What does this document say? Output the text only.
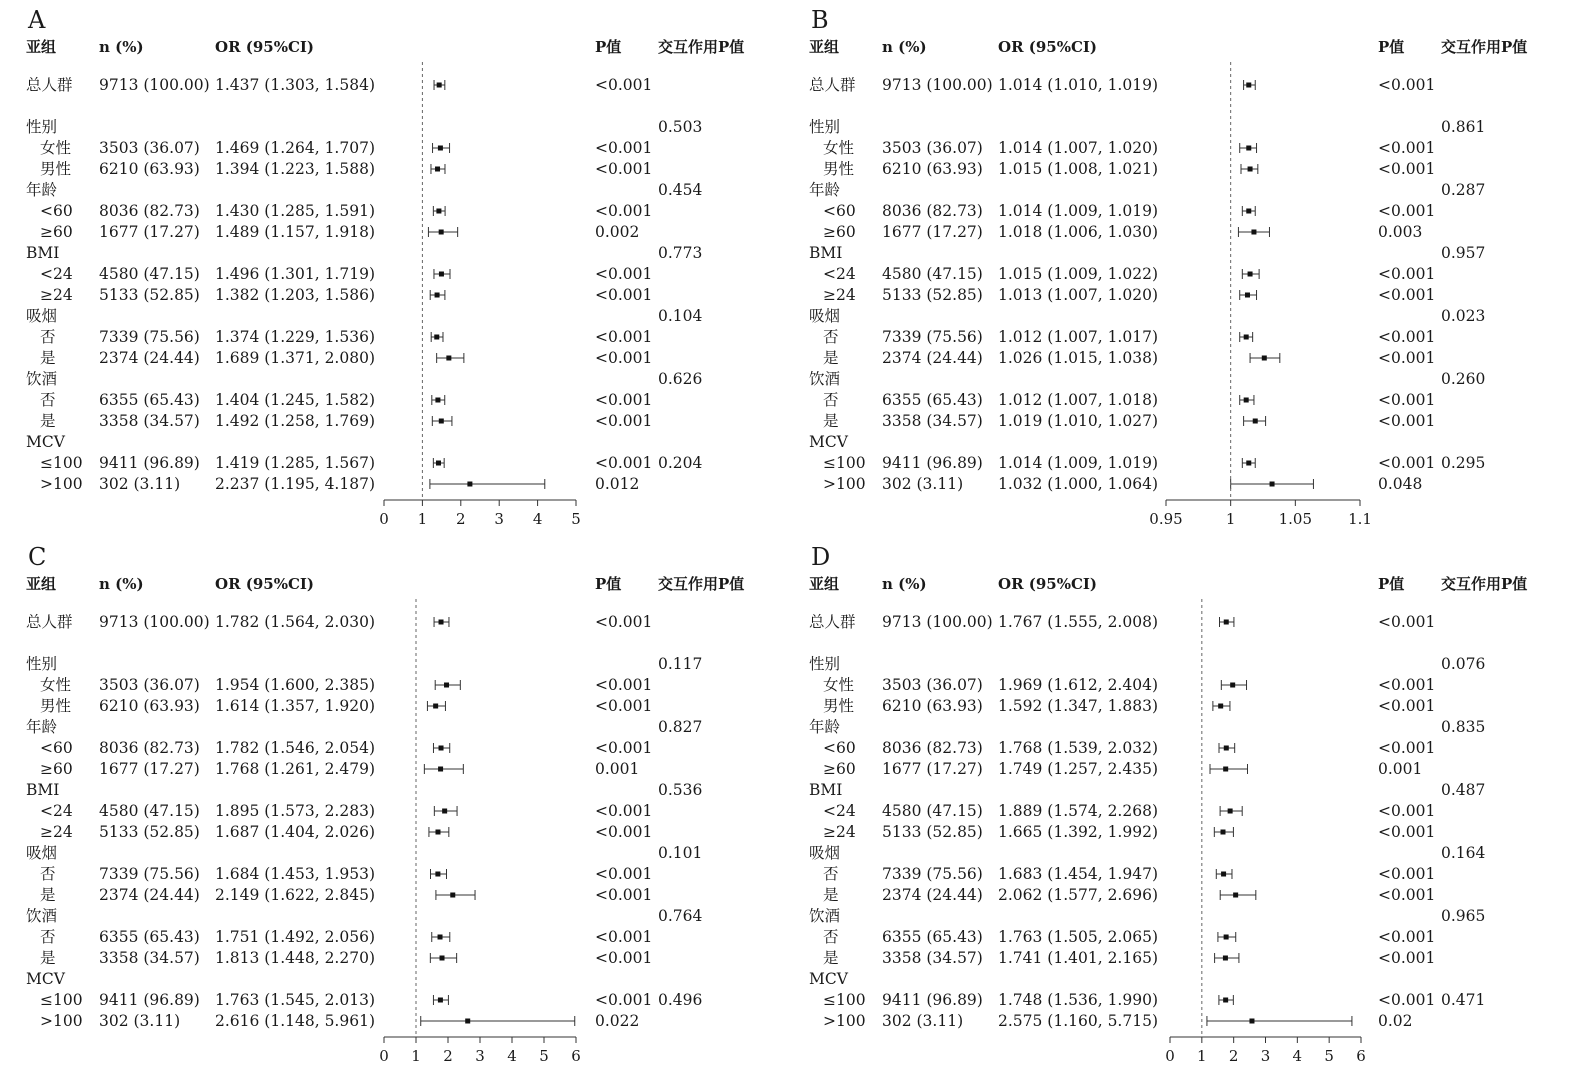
A
亚组	n (%)	OR (95%CI)	P值 交互作用P值
总人群 9713 (100.00) 1.437 (1.303, 1.584)	<0.001
性别	0.503
女性 3503 (36.07) 1.469 (1.264, 1.707)	<0.001
男性 6210 (63.93) 1.394 (1.223, 1.588)	<0.001
年龄	0.454
<60 8036 (82.73) 1.430 (1.285, 1.591)	<0.001
≥60 1677 (17.27) 1.489 (1.157, 1.918)	0.002
BMI	0.773
<24 4580 (47.15) 1.496 (1.301, 1.719)	<0.001
≥24 5133 (52.85) 1.382 (1.203, 1.586)	<0.001
吸烟	0.104
否	7339 (75.56) 1.374 (1.229, 1.536)	<0.001
是	2374 (24.44) 1.689 (1.371, 2.080)	<0.001
饮酒	0.626
否	6355 (65.43) 1.404 (1.245, 1.582)	<0.001
是	3358 (34.57) 1.492 (1.258, 1.769)	<0.001
MCV
≤100 9411 (96.89) 1.419 (1.285, 1.567)	<0.001 0.204
>100 302 (3.11) 2.237 (1.195, 4.187)	0.012
0 1 2 3 4 5
B
亚组	n (%)	OR (95%CI)	P值 交互作用P值
总人群 9713 (100.00) 1.014 (1.010, 1.019)	<0.001
性别	0.861
女性 3503 (36.07) 1.014 (1.007, 1.020)	<0.001
男性 6210 (63.93) 1.015 (1.008, 1.021)	<0.001
年龄	0.287
<60 8036 (82.73) 1.014 (1.009, 1.019)	<0.001
≥60 1677 (17.27) 1.018 (1.006, 1.030)	0.003
BMI	0.957
<24 4580 (47.15) 1.015 (1.009, 1.022)	<0.001
≥24 5133 (52.85) 1.013 (1.007, 1.020)	<0.001
吸烟	0.023
否	7339 (75.56) 1.012 (1.007, 1.017)	<0.001
是	2374 (24.44) 1.026 (1.015, 1.038)	<0.001
饮酒	0.260
否	6355 (65.43) 1.012 (1.007, 1.018)	<0.001
是	3358 (34.57) 1.019 (1.010, 1.027)	<0.001
MCV
≤100 9411 (96.89) 1.014 (1.009, 1.019)	<0.001 0.295
>100 302 (3.11) 1.032 (1.000, 1.064)	0.048
0.95	1	1.05 1.1
C
亚组	n (%)	OR (95%CI)	P值 交互作用P值
总人群 9713 (100.00) 1.782 (1.564, 2.030)	<0.001
性别	0.117
女性 3503 (36.07) 1.954 (1.600, 2.385)	<0.001
男性 6210 (63.93) 1.614 (1.357, 1.920)	<0.001
年龄	0.827
<60 8036 (82.73) 1.782 (1.546, 2.054)	<0.001
≥60 1677 (17.27) 1.768 (1.261, 2.479)	0.001
BMI	0.536
<24 4580 (47.15) 1.895 (1.573, 2.283)	<0.001
≥24 5133 (52.85) 1.687 (1.404, 2.026)	<0.001
吸烟	0.101
否	7339 (75.56) 1.684 (1.453, 1.953)	<0.001
是	2374 (24.44) 2.149 (1.622, 2.845)	<0.001
饮酒	0.764
否	6355 (65.43) 1.751 (1.492, 2.056)	<0.001
是	3358 (34.57) 1.813 (1.448, 2.270)	<0.001
MCV
≤100 9411 (96.89) 1.763 (1.545, 2.013)	<0.001 0.496
>100 302 (3.11) 2.616 (1.148, 5.961)	0.022
0 1 2 3 4 5 6
D
亚组	n (%)	OR (95%CI)	P值 交互作用P值
总人群 9713 (100.00) 1.767 (1.555, 2.008)	<0.001
性别	0.076
女性 3503 (36.07) 1.969 (1.612, 2.404)	<0.001
男性 6210 (63.93) 1.592 (1.347, 1.883)	<0.001
年龄	0.835
<60 8036 (82.73) 1.768 (1.539, 2.032)	<0.001
≥60 1677 (17.27) 1.749 (1.257, 2.435)	0.001
BMI	0.487
<24 4580 (47.15) 1.889 (1.574, 2.268)	<0.001
≥24 5133 (52.85) 1.665 (1.392, 1.992)	<0.001
吸烟	0.164
否	7339 (75.56) 1.683 (1.454, 1.947)	<0.001
是	2374 (24.44) 2.062 (1.577, 2.696)	<0.001
饮酒	0.965
否	6355 (65.43) 1.763 (1.505, 2.065)	<0.001
是	3358 (34.57) 1.741 (1.401, 2.165)	<0.001
MCV
≤100 9411 (96.89) 1.748 (1.536, 1.990)	<0.001 0.471
>100 302 (3.11) 2.575 (1.160, 5.715)	0.02
0 1 2 3 4 5 6
